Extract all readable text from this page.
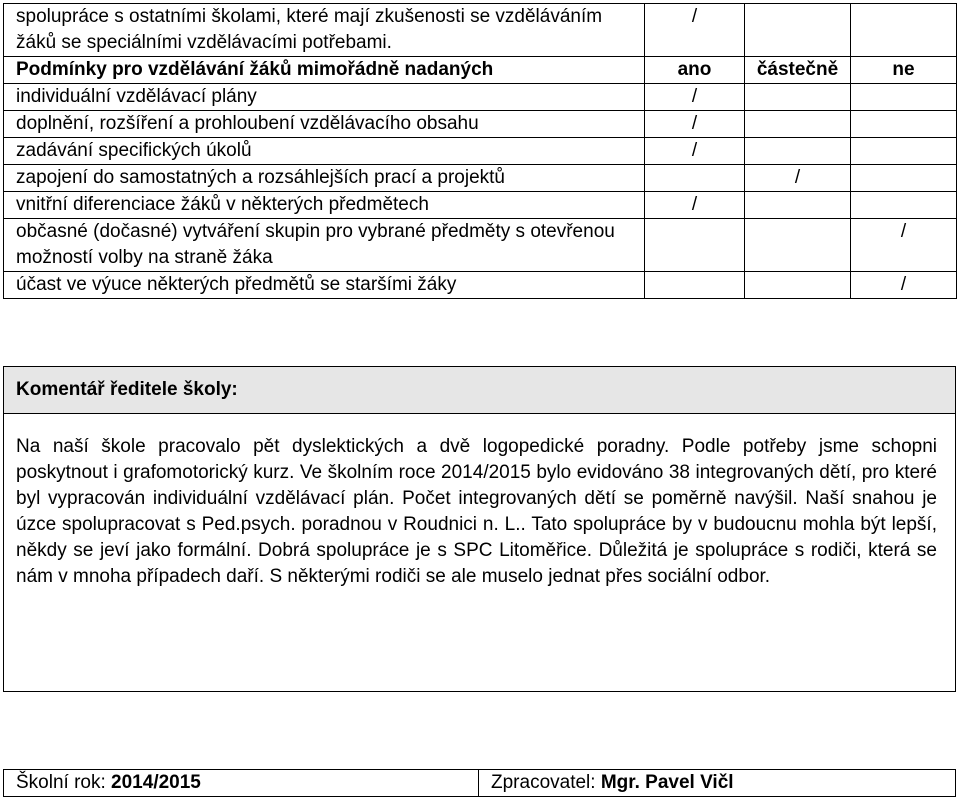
spolupráce s ostatními školami, které mají zkušenosti se vzděláváním žáků se speciálními vzdělávacími potřebami.	/		
Podmínky pro vzdělávání žáků mimořádně nadaných	ano	částečně	ne
individuální vzdělávací plány	/		
doplnění, rozšíření a prohloubení vzdělávacího obsahu	/		
zadávání specifických úkolů	/		
zapojení do samostatných a rozsáhlejších prací a projektů		/	
vnitřní diferenciace žáků v některých předmětech	/		
občasné (dočasné) vytváření skupin pro vybrané předměty s otevřenou možností volby na straně žáka			/
účast ve výuce některých předmětů se staršími žáky			/
Komentář ředitele školy:
Na naší škole pracovalo pět dyslektických a dvě logopedické poradny. Podle potřeby jsme schopni poskytnout i grafomotorický kurz. Ve školním roce 2014/2015 bylo evidováno 38 integrovaných dětí, pro které byl vypracován individuální vzdělávací plán. Počet integrovaných dětí se poměrně navýšil. Naší snahou je úzce spolupracovat s Ped.psych. poradnou v Roudnici n. L.. Tato spolupráce by v budoucnu mohla být lepší, někdy se jeví jako formální. Dobrá spolupráce je s SPC Litoměřice. Důležitá je spolupráce s rodiči, která se nám v mnoha případech daří. S některými rodiči se ale muselo jednat přes sociální odbor.
Školní rok: 2014/2015	Zpracovatel: Mgr. Pavel Vičl
